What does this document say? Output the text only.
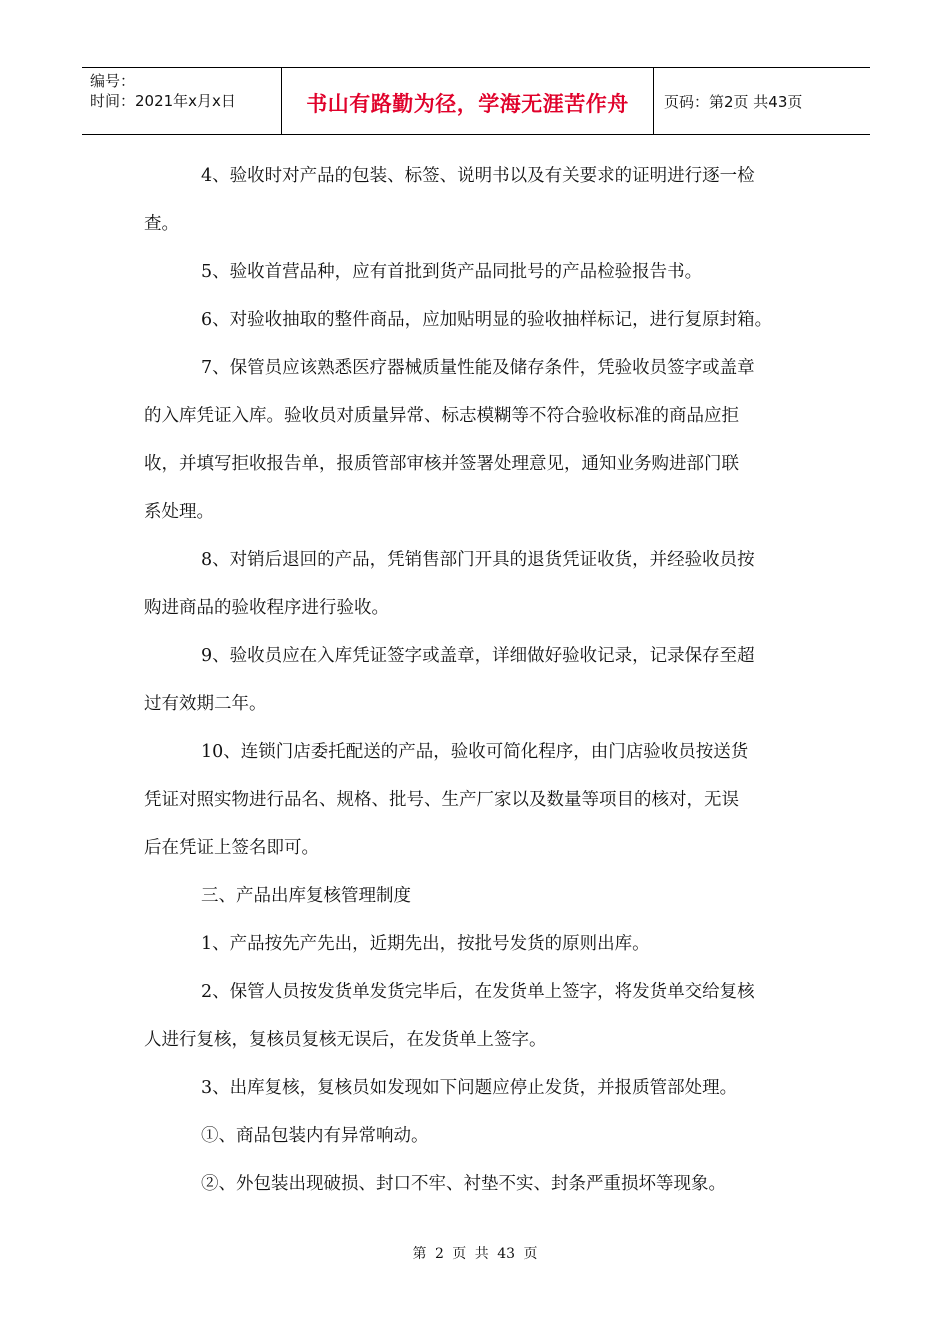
编号：
时间：2021年x月x日	书山有路勤为径，学海无涯苦作舟 页码：第2页 共43页

4、验收时对产品的包装、标签、说明书以及有关要求的证明进行逐一检

查。

5、验收首营品种，应有首批到货产品同批号的产品检验报告书。

6、对验收抽取的整件商品，应加贴明显的验收抽样标记，进行复原封箱。

7、保管员应该熟悉医疗器械质量性能及储存条件，凭验收员签字或盖章

的入库凭证入库。验收员对质量异常、标志模糊等不符合验收标准的商品应拒

收，并填写拒收报告单，报质管部审核并签署处理意见，通知业务购进部门联

系处理。

8、对销后退回的产品，凭销售部门开具的退货凭证收货，并经验收员按

购进商品的验收程序进行验收。

9、验收员应在入库凭证签字或盖章，详细做好验收记录，记录保存至超

过有效期二年。

10、连锁门店委托配送的产品，验收可简化程序，由门店验收员按送货

凭证对照实物进行品名、规格、批号、生产厂家以及数量等项目的核对，无误

后在凭证上签名即可。

三、产品出库复核管理制度

1、产品按先产先出，近期先出，按批号发货的原则出库。

2、保管人员按发货单发货完毕后，在发货单上签字，将发货单交给复核

人进行复核，复核员复核无误后，在发货单上签字。

3、出库复核，复核员如发现如下问题应停止发货，并报质管部处理。

①、商品包装内有异常响动。

②、外包装出现破损、封口不牢、衬垫不实、封条严重损坏等现象。

第 2 页 共 43 页
